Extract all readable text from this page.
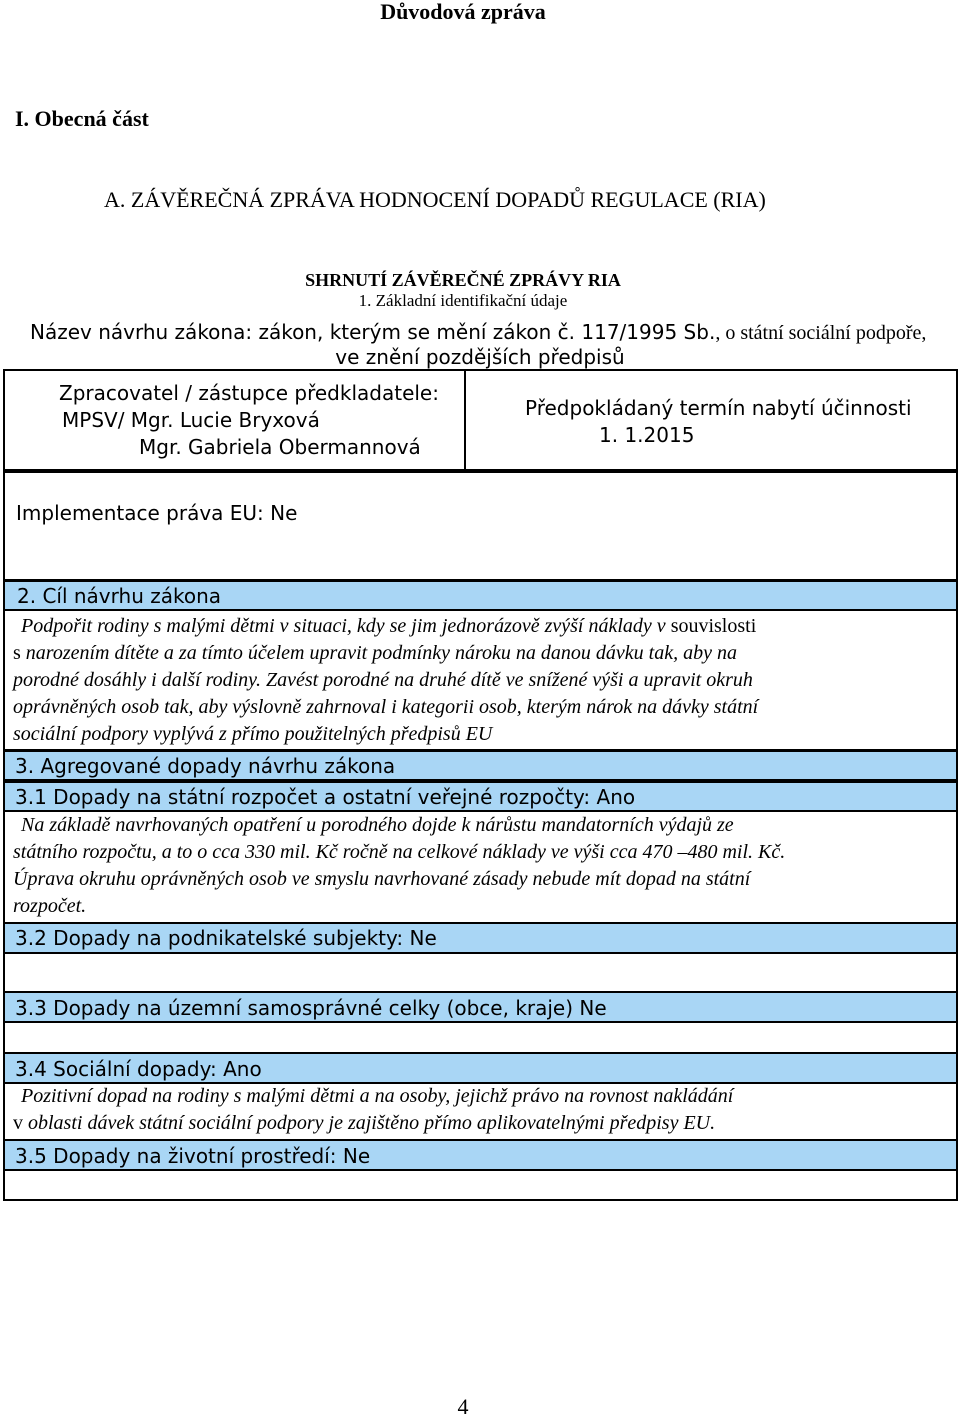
Důvodová zpráva
I. Obecná část
A. ZÁVĚREČNÁ ZPRÁVA HODNOCENÍ DOPADŮ REGULACE (RIA)
SHRNUTÍ ZÁVĚREČNÉ ZPRÁVY RIA
1. Základní identifikační údaje
Název návrhu zákona: zákon, kterým se mění zákon č. 117/1995 Sb., o státní sociální podpoře,
ve znění pozdějších předpisů
Zpracovatel / zástupce předkladatele:
MPSV/ Mgr. Lucie Bryxová
Mgr. Gabriela Obermannová
Předpokládaný termín nabytí účinnosti
1. 1.2015
Implementace práva EU: Ne
2. Cíl návrhu zákona
Podpořit rodiny s malými dětmi v situaci, kdy se jim jednorázově zvýší náklady v souvislosti
s narozením dítěte a za tímto účelem upravit podmínky nároku na danou dávku tak, aby na
porodné dosáhly i další rodiny. Zavést porodné na druhé dítě ve snížené výši a upravit okruh
oprávněných osob tak, aby výslovně zahrnoval i kategorii osob, kterým nárok na dávky státní
sociální podpory vyplývá z přímo použitelných předpisů EU
3. Agregované dopady návrhu zákona
3.1 Dopady na státní rozpočet a ostatní veřejné rozpočty: Ano
Na základě navrhovaných opatření u porodného dojde k nárůstu mandatorních výdajů ze
státního rozpočtu, a to o cca 330 mil. Kč ročně na celkové náklady ve výši cca 470 –480 mil. Kč.
Úprava okruhu oprávněných osob ve smyslu navrhované zásady nebude mít dopad na státní
rozpočet.
3.2 Dopady na podnikatelské subjekty: Ne
3.3 Dopady na územní samosprávné celky (obce, kraje) Ne
3.4 Sociální dopady: Ano
Pozitivní dopad na rodiny s malými dětmi a na osoby, jejichž právo na rovnost nakládání
v oblasti dávek státní sociální podpory je zajištěno přímo aplikovatelnými předpisy EU.
3.5 Dopady na životní prostředí: Ne
4
